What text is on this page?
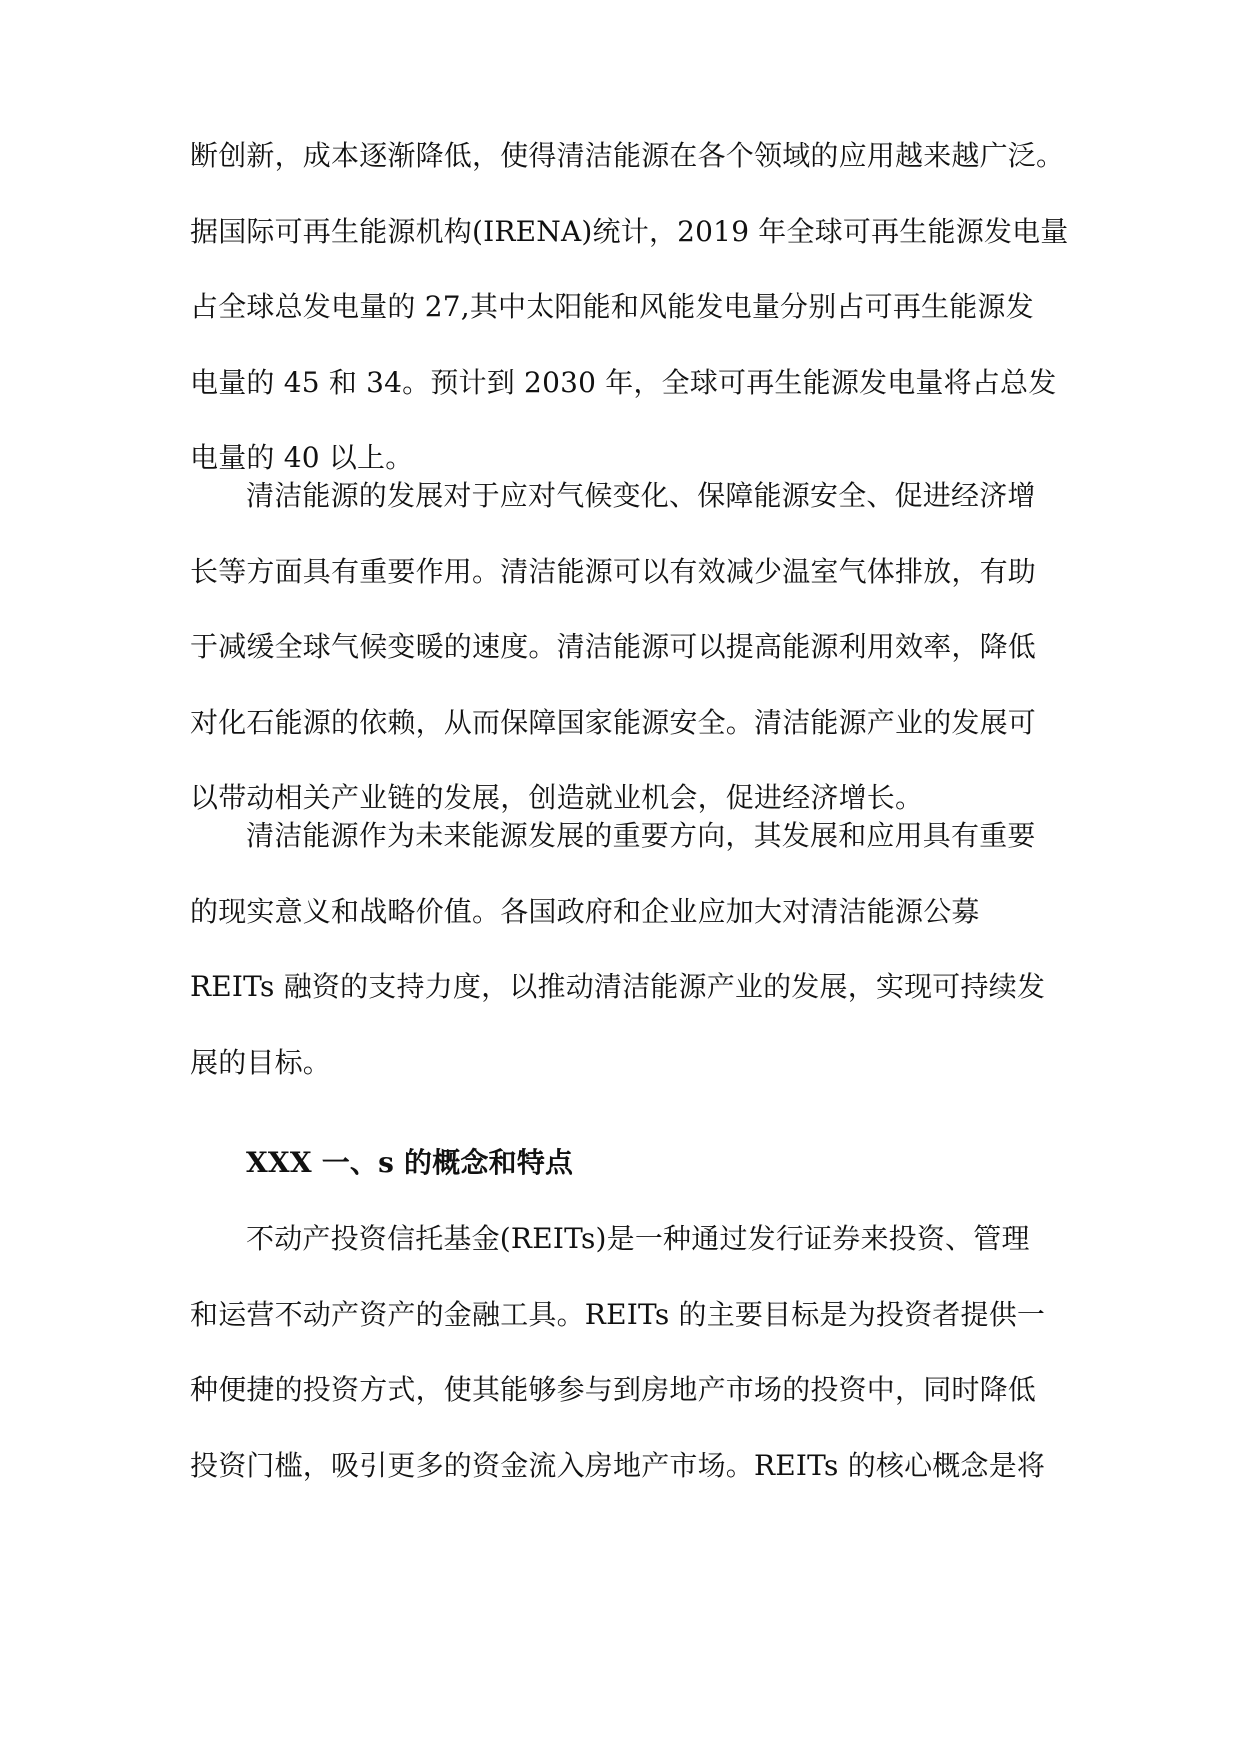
断创新，成本逐渐降低，使得清洁能源在各个领域的应用越来越广泛。
据国际可再生能源机构(IRENA)统计，2019 年全球可再生能源发电量
占全球总发电量的 27,其中太阳能和风能发电量分别占可再生能源发
电量的 45 和 34。预计到 2030 年，全球可再生能源发电量将占总发
电量的 40 以上。
清洁能源的发展对于应对气候变化、保障能源安全、促进经济增
长等方面具有重要作用。清洁能源可以有效减少温室气体排放，有助
于减缓全球气候变暖的速度。清洁能源可以提高能源利用效率，降低
对化石能源的依赖，从而保障国家能源安全。清洁能源产业的发展可
以带动相关产业链的发展，创造就业机会，促进经济增长。
清洁能源作为未来能源发展的重要方向，其发展和应用具有重要
的现实意义和战略价值。各国政府和企业应加大对清洁能源公募
REITs 融资的支持力度，以推动清洁能源产业的发展，实现可持续发
展的目标。
XXX 一、s 的概念和特点
不动产投资信托基金(REITs)是一种通过发行证券来投资、管理
和运营不动产资产的金融工具。REITs 的主要目标是为投资者提供一
种便捷的投资方式，使其能够参与到房地产市场的投资中，同时降低
投资门槛，吸引更多的资金流入房地产市场。REITs 的核心概念是将
